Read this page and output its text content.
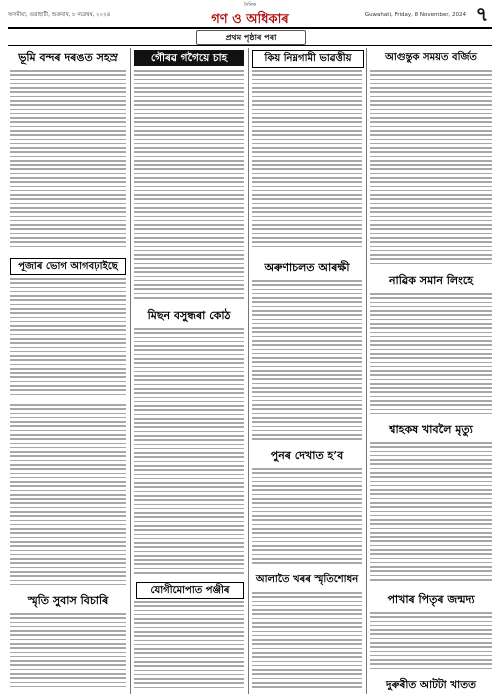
অসমীয়া, গুৱাহাটী, শুক্ৰবাৰ, ৮ নৱেম্বৰ, ২০২৪
দৈনিক
গণ ও অধিকাৰ	Guwahati, Friday, 8 November, 2024 ৭
প্ৰথম পৃষ্ঠাৰ পৰা
ভূমি বন্দৰ দৰঙত সহস্ৰ
পূজাৰ ভোগ আগবঢ়াইছে
স্মৃতি সুবাস বিচাৰি
গৌৰৱ গগৈয়ে চাহ
মিছন বসুন্ধৰা কোঠ
যোগীমোপাত পঞ্জীৰ
কিয় নিম্নগামী ভাৱত্তীয়
অৰুণাচলত আৰক্ষী
পুনৰ দেখাত হ’ব
আলাতৈ খৰৰ স্মৃতিশোধন
আগুন্তুক সময়ত বৰ্জিত
নাৱিক সমান লিংহে
শ্বাহকষ খাবলৈ মৃত্যু
পাখাৰ পিতৃৰ জন্মদ্য
দুৰুৰীত আটটা খাতত
